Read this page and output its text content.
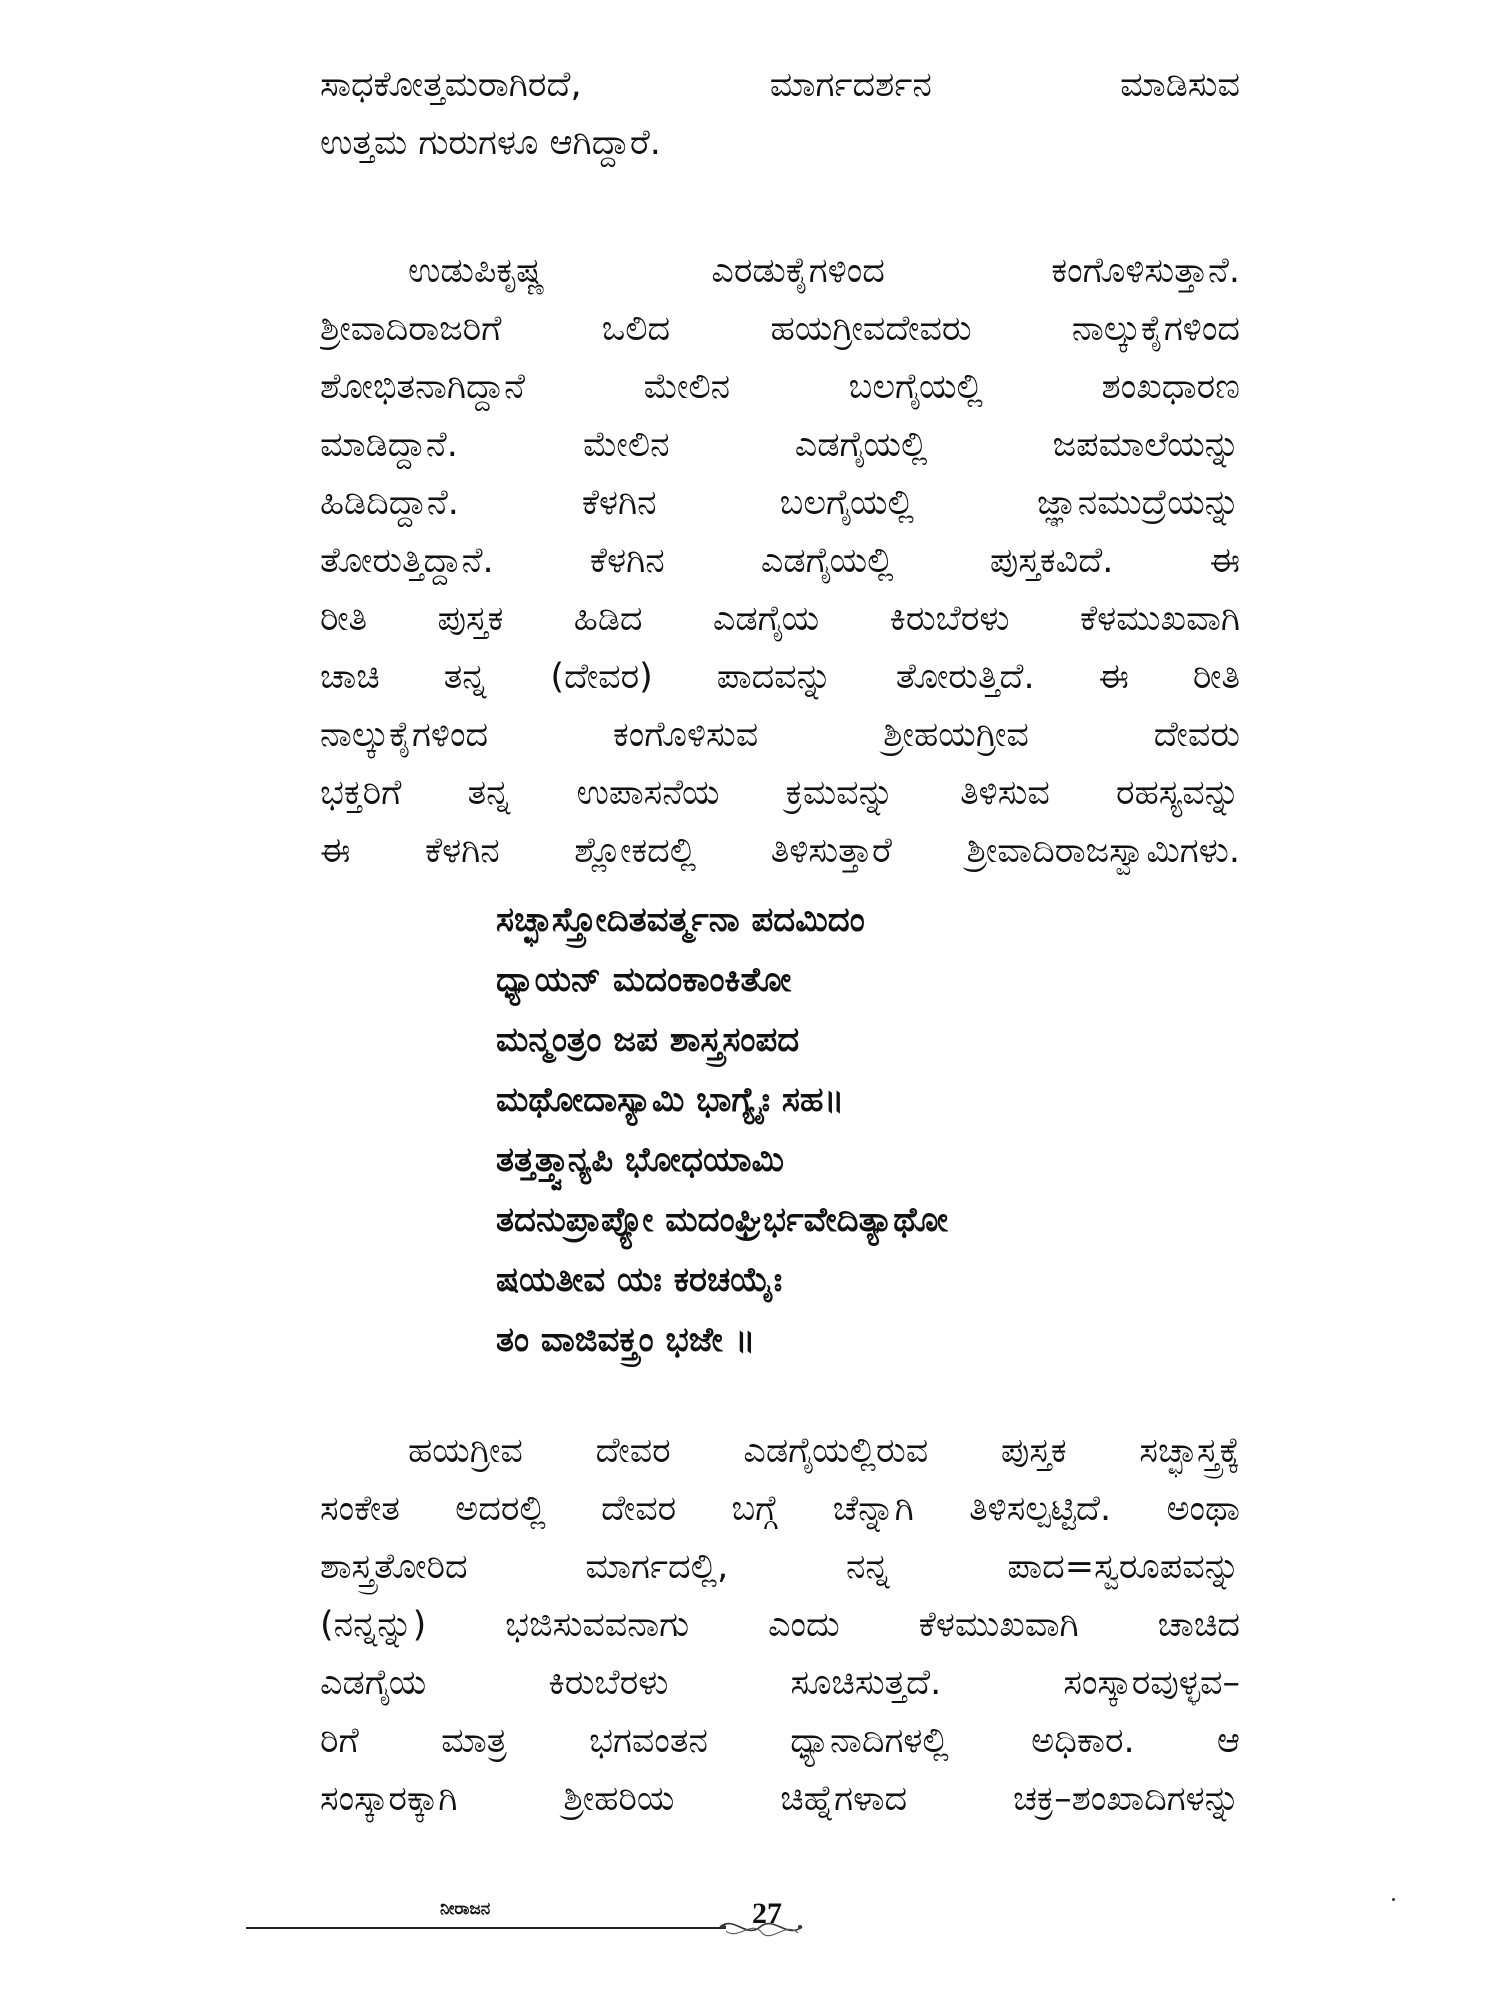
ಸಾಧಕೋತ್ತಮರಾಗಿರದೆ, ಮಾರ್ಗದರ್ಶನ ಮಾಡಿಸುವ
ಉತ್ತಮ ಗುರುಗಳೂ ಆಗಿದ್ದಾರೆ.
ಉಡುಪಿಕೃಷ್ಣ ಎರಡುಕೈಗಳಿಂದ ಕಂಗೊಳಿಸುತ್ತಾನೆ.
ಶ್ರೀವಾದಿರಾಜರಿಗೆ ಒಲಿದ ಹಯಗ್ರೀವದೇವರು ನಾಲ್ಕುಕೈಗಳಿಂದ
ಶೋಭಿತನಾಗಿದ್ದಾನೆ ಮೇಲಿನ ಬಲಗೈಯಲ್ಲಿ ಶಂಖಧಾರಣ
ಮಾಡಿದ್ದಾನೆ. ಮೇಲಿನ ಎಡಗೈಯಲ್ಲಿ ಜಪಮಾಲೆಯನ್ನು
ಹಿಡಿದಿದ್ದಾನೆ. ಕೆಳಗಿನ ಬಲಗೈಯಲ್ಲಿ ಜ್ಞಾನಮುದ್ರೆಯನ್ನು
ತೋರುತ್ತಿದ್ದಾನೆ. ಕೆಳಗಿನ ಎಡಗೈಯಲ್ಲಿ ಪುಸ್ತಕವಿದೆ. ಈ
ರೀತಿ ಪುಸ್ತಕ ಹಿಡಿದ ಎಡಗೈಯ ಕಿರುಬೆರಳು ಕೆಳಮುಖವಾಗಿ
ಚಾಚಿ ತನ್ನ (ದೇವರ) ಪಾದವನ್ನು ತೋರುತ್ತಿದೆ. ಈ ರೀತಿ
ನಾಲ್ಕುಕೈಗಳಿಂದ ಕಂಗೊಳಿಸುವ ಶ್ರೀಹಯಗ್ರೀವ ದೇವರು
ಭಕ್ತರಿಗೆ ತನ್ನ ಉಪಾಸನೆಯ ಕ್ರಮವನ್ನು ತಿಳಿಸುವ ರಹಸ್ಯವನ್ನು
ಈ ಕೆಳಗಿನ ಶ್ಲೋಕದಲ್ಲಿ ತಿಳಿಸುತ್ತಾರೆ ಶ್ರೀವಾದಿರಾಜಸ್ವಾಮಿಗಳು.
ಸಚ್ಛಾಸ್ತ್ರೋದಿತವರ್ತ್ಮನಾ ಪದಮಿದಂ
ಧ್ಯಾಯನ್ ಮದಂಕಾಂಕಿತೋ
ಮನ್ಮಂತ್ರಂ ಜಪ ಶಾಸ್ತ್ರಸಂಪದ
ಮಥೋದಾಸ್ಯಾಮಿ ಭಾಗ್ಯೈಃ ಸಹ॥
ತತ್ತತ್ತ್ವಾನ್ಯಪಿ ಭೋಧಯಾಮಿ
ತದನುಪ್ರಾಪ್ಯೋ ಮದಂಘ್ರಿರ್ಭವೇದಿತ್ಯಾಥೋ
ಷಯತೀವ ಯಃ ಕರಚಯೈಃ
ತಂ ವಾಜಿವಕ್ತ್ರಂ ಭಜೇ ॥
ಹಯಗ್ರೀವ ದೇವರ ಎಡಗೈಯಲ್ಲಿರುವ ಪುಸ್ತಕ ಸಚ್ಛಾಸ್ತ್ರಕ್ಕೆ
ಸಂಕೇತ ಅದರಲ್ಲಿ ದೇವರ ಬಗ್ಗೆ ಚೆನ್ನಾಗಿ ತಿಳಿಸಲ್ಪಟ್ಟಿದೆ. ಅಂಥಾ
ಶಾಸ್ತ್ರತೋರಿದ ಮಾರ್ಗದಲ್ಲಿ, ನನ್ನ ಪಾದ=ಸ್ವರೂಪವನ್ನು
(ನನ್ನನ್ನು) ಭಜಿಸುವವನಾಗು ಎಂದು ಕೆಳಮುಖವಾಗಿ ಚಾಚಿದ
ಎಡಗೈಯ ಕಿರುಬೆರಳು ಸೂಚಿಸುತ್ತದೆ. ಸಂಸ್ಕಾರವುಳ್ಳವ–
ರಿಗೆ ಮಾತ್ರ ಭಗವಂತನ ಧ್ಯಾನಾದಿಗಳಲ್ಲಿ ಅಧಿಕಾರ. ಆ
ಸಂಸ್ಕಾರಕ್ಕಾಗಿ ಶ್ರೀಹರಿಯ ಚಿಹ್ನೆಗಳಾದ ಚಕ್ರ–ಶಂಖಾದಿಗಳನ್ನು
ನೀರಾಜನ	27
